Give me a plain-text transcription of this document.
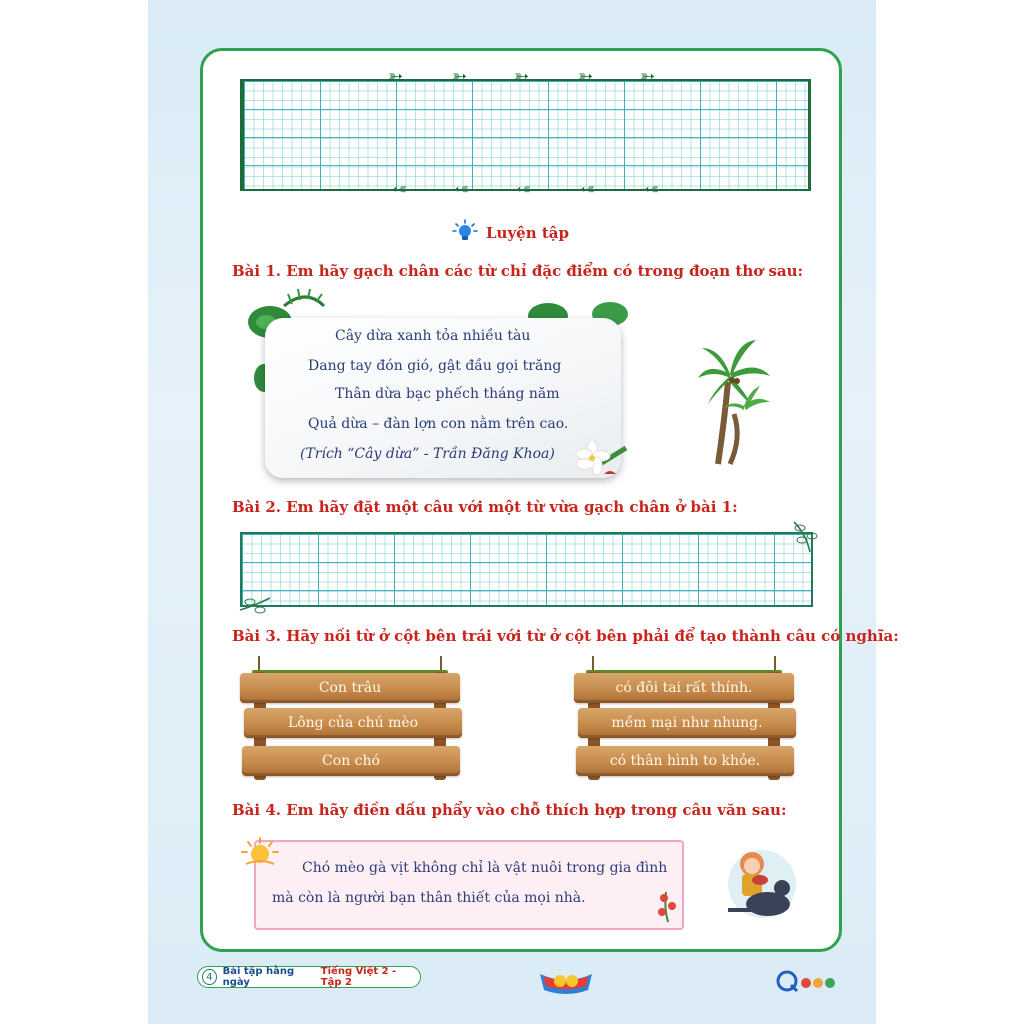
➳	➳	➳	➳	➳
➳	➳	➳	➳	➳
Luyện tập
Bài 1. Em hãy gạch chân các từ chỉ đặc điểm có trong đoạn thơ sau:
Cây dừa xanh tỏa nhiều tàu
Dang tay đón gió, gật đầu gọi trăng
Thân dừa bạc phếch tháng năm
Quả dừa – đàn lợn con nằm trên cao.
(Trích “Cây dừa” - Trần Đăng Khoa)
Bài 2. Em hãy đặt một câu với một từ vừa gạch chân ở bài 1:
Bài 3. Hãy nối từ ở cột bên trái với từ ở cột bên phải để tạo thành câu có nghĩa:
Con trâu
Lông của chú mèo
Con chó
có đôi tai rất thính.
mềm mại như nhung.
có thân hình to khỏe.
Bài 4. Em hãy điền dấu phẩy vào chỗ thích hợp trong câu văn sau:
Chó mèo gà vịt không chỉ là vật nuôi trong gia đình
mà còn là người bạn thân thiết của mọi nhà.
4	Bài tập hằng ngày
Tiếng Việt 2 - Tập 2
